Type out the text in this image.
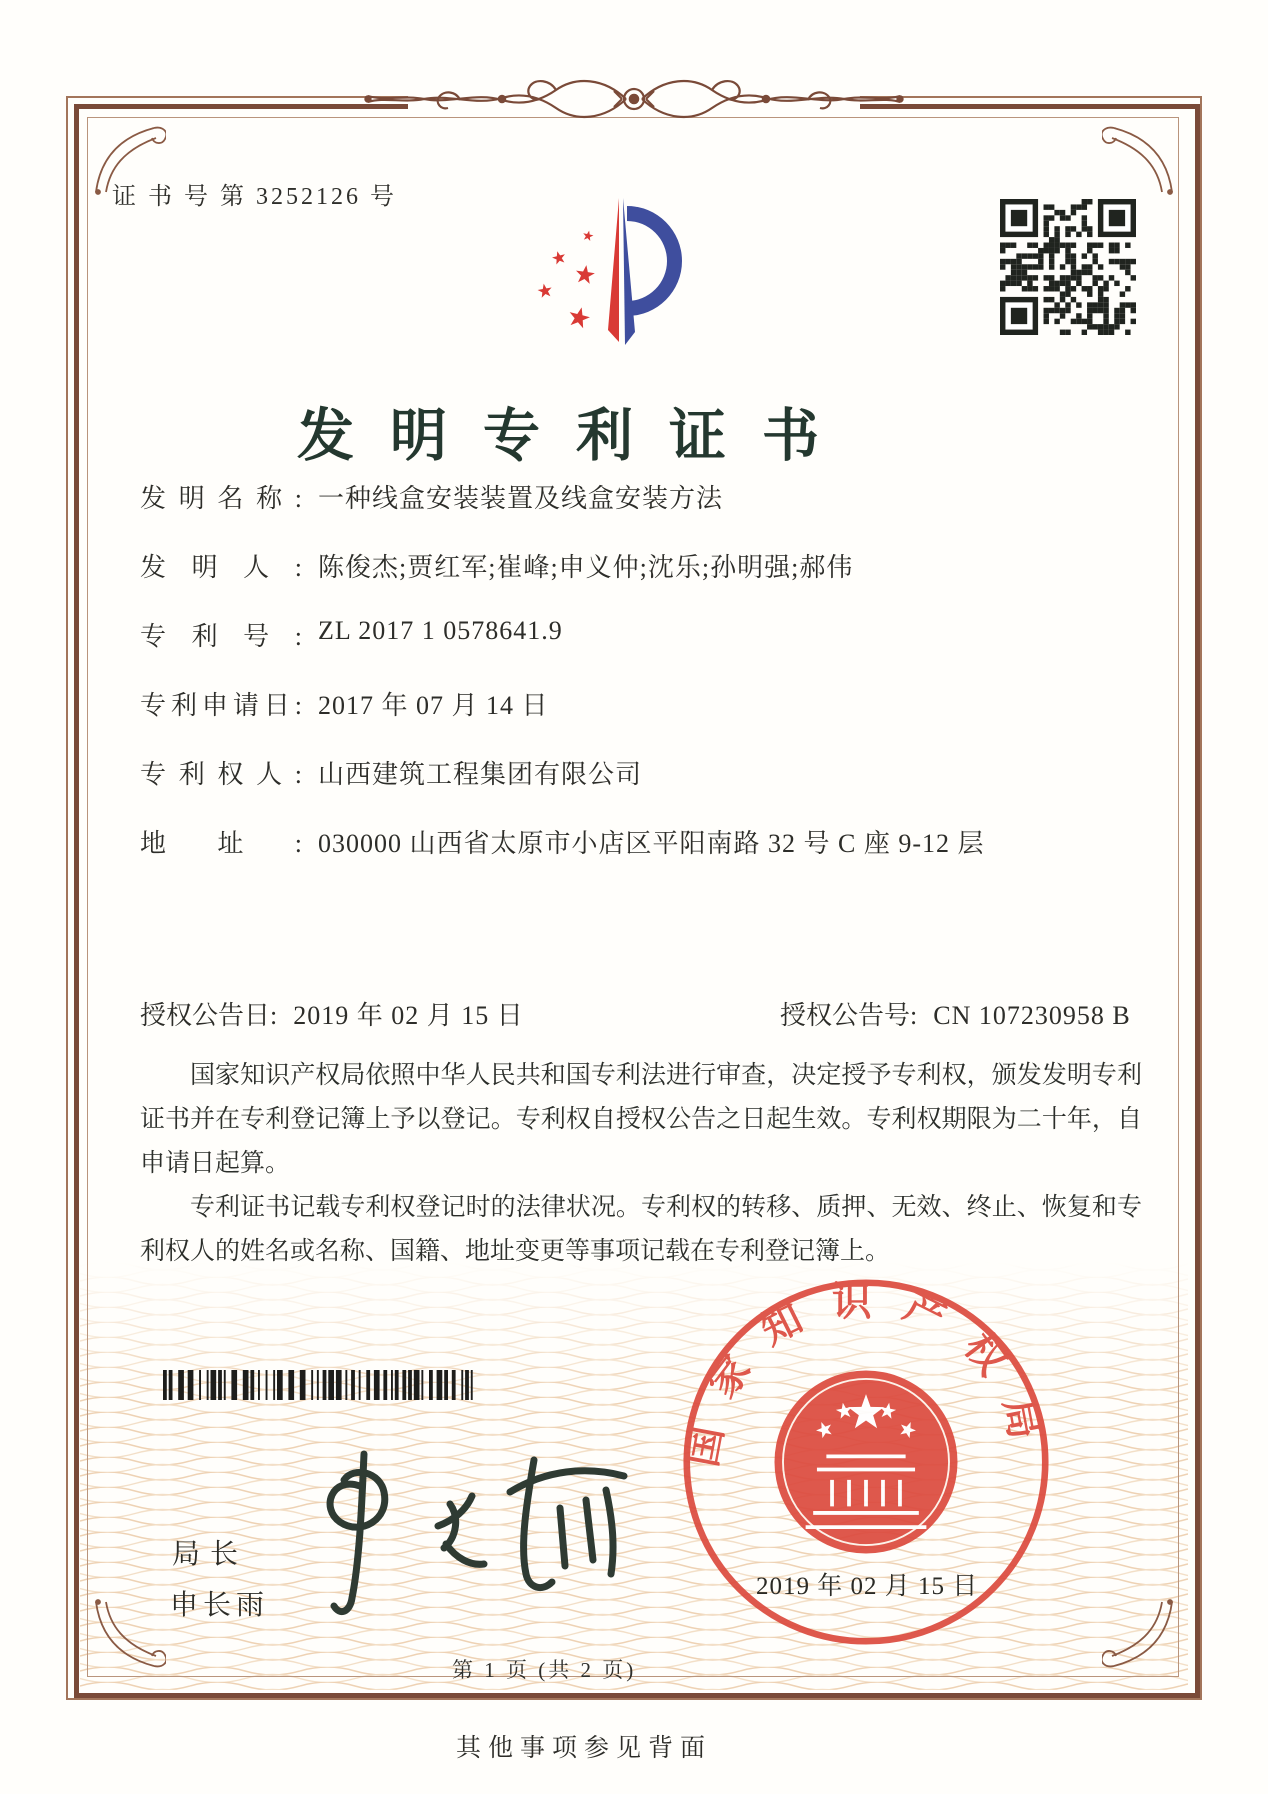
证 书 号 第 3252126 号
发明专利证书
发明名称: 一种线盒安装装置及线盒安装方法
发明人: 陈俊杰;贾红军;崔峰;申义仲;沈乐;孙明强;郝伟
专利号: ZL 2017 1 0578641.9
专利申请日: 2017 年 07 月 14 日
专利权人: 山西建筑工程集团有限公司
地址: 030000 山西省太原市小店区平阳南路 32 号 C 座 9-12 层
授权公告日: 2019 年 02 月 15 日	授权公告号: CN 107230958 B

国家知识产权局依照中华人民共和国专利法进行审查，决定授予专利权，颁发发明专利证书并在专利登记簿上予以登记。专利权自授权公告之日起生效。专利权期限为二十年，自申请日起算。

专利证书记载专利权登记时的法律状况。专利权的转移、质押、无效、终止、恢复和专利权人的姓名或名称、国籍、地址变更等事项记载在专利登记簿上。

局长
申长雨
国家知识产权局
2019 年 02 月 15 日
第 1 页 (共 2 页)
其他事项参见背面
